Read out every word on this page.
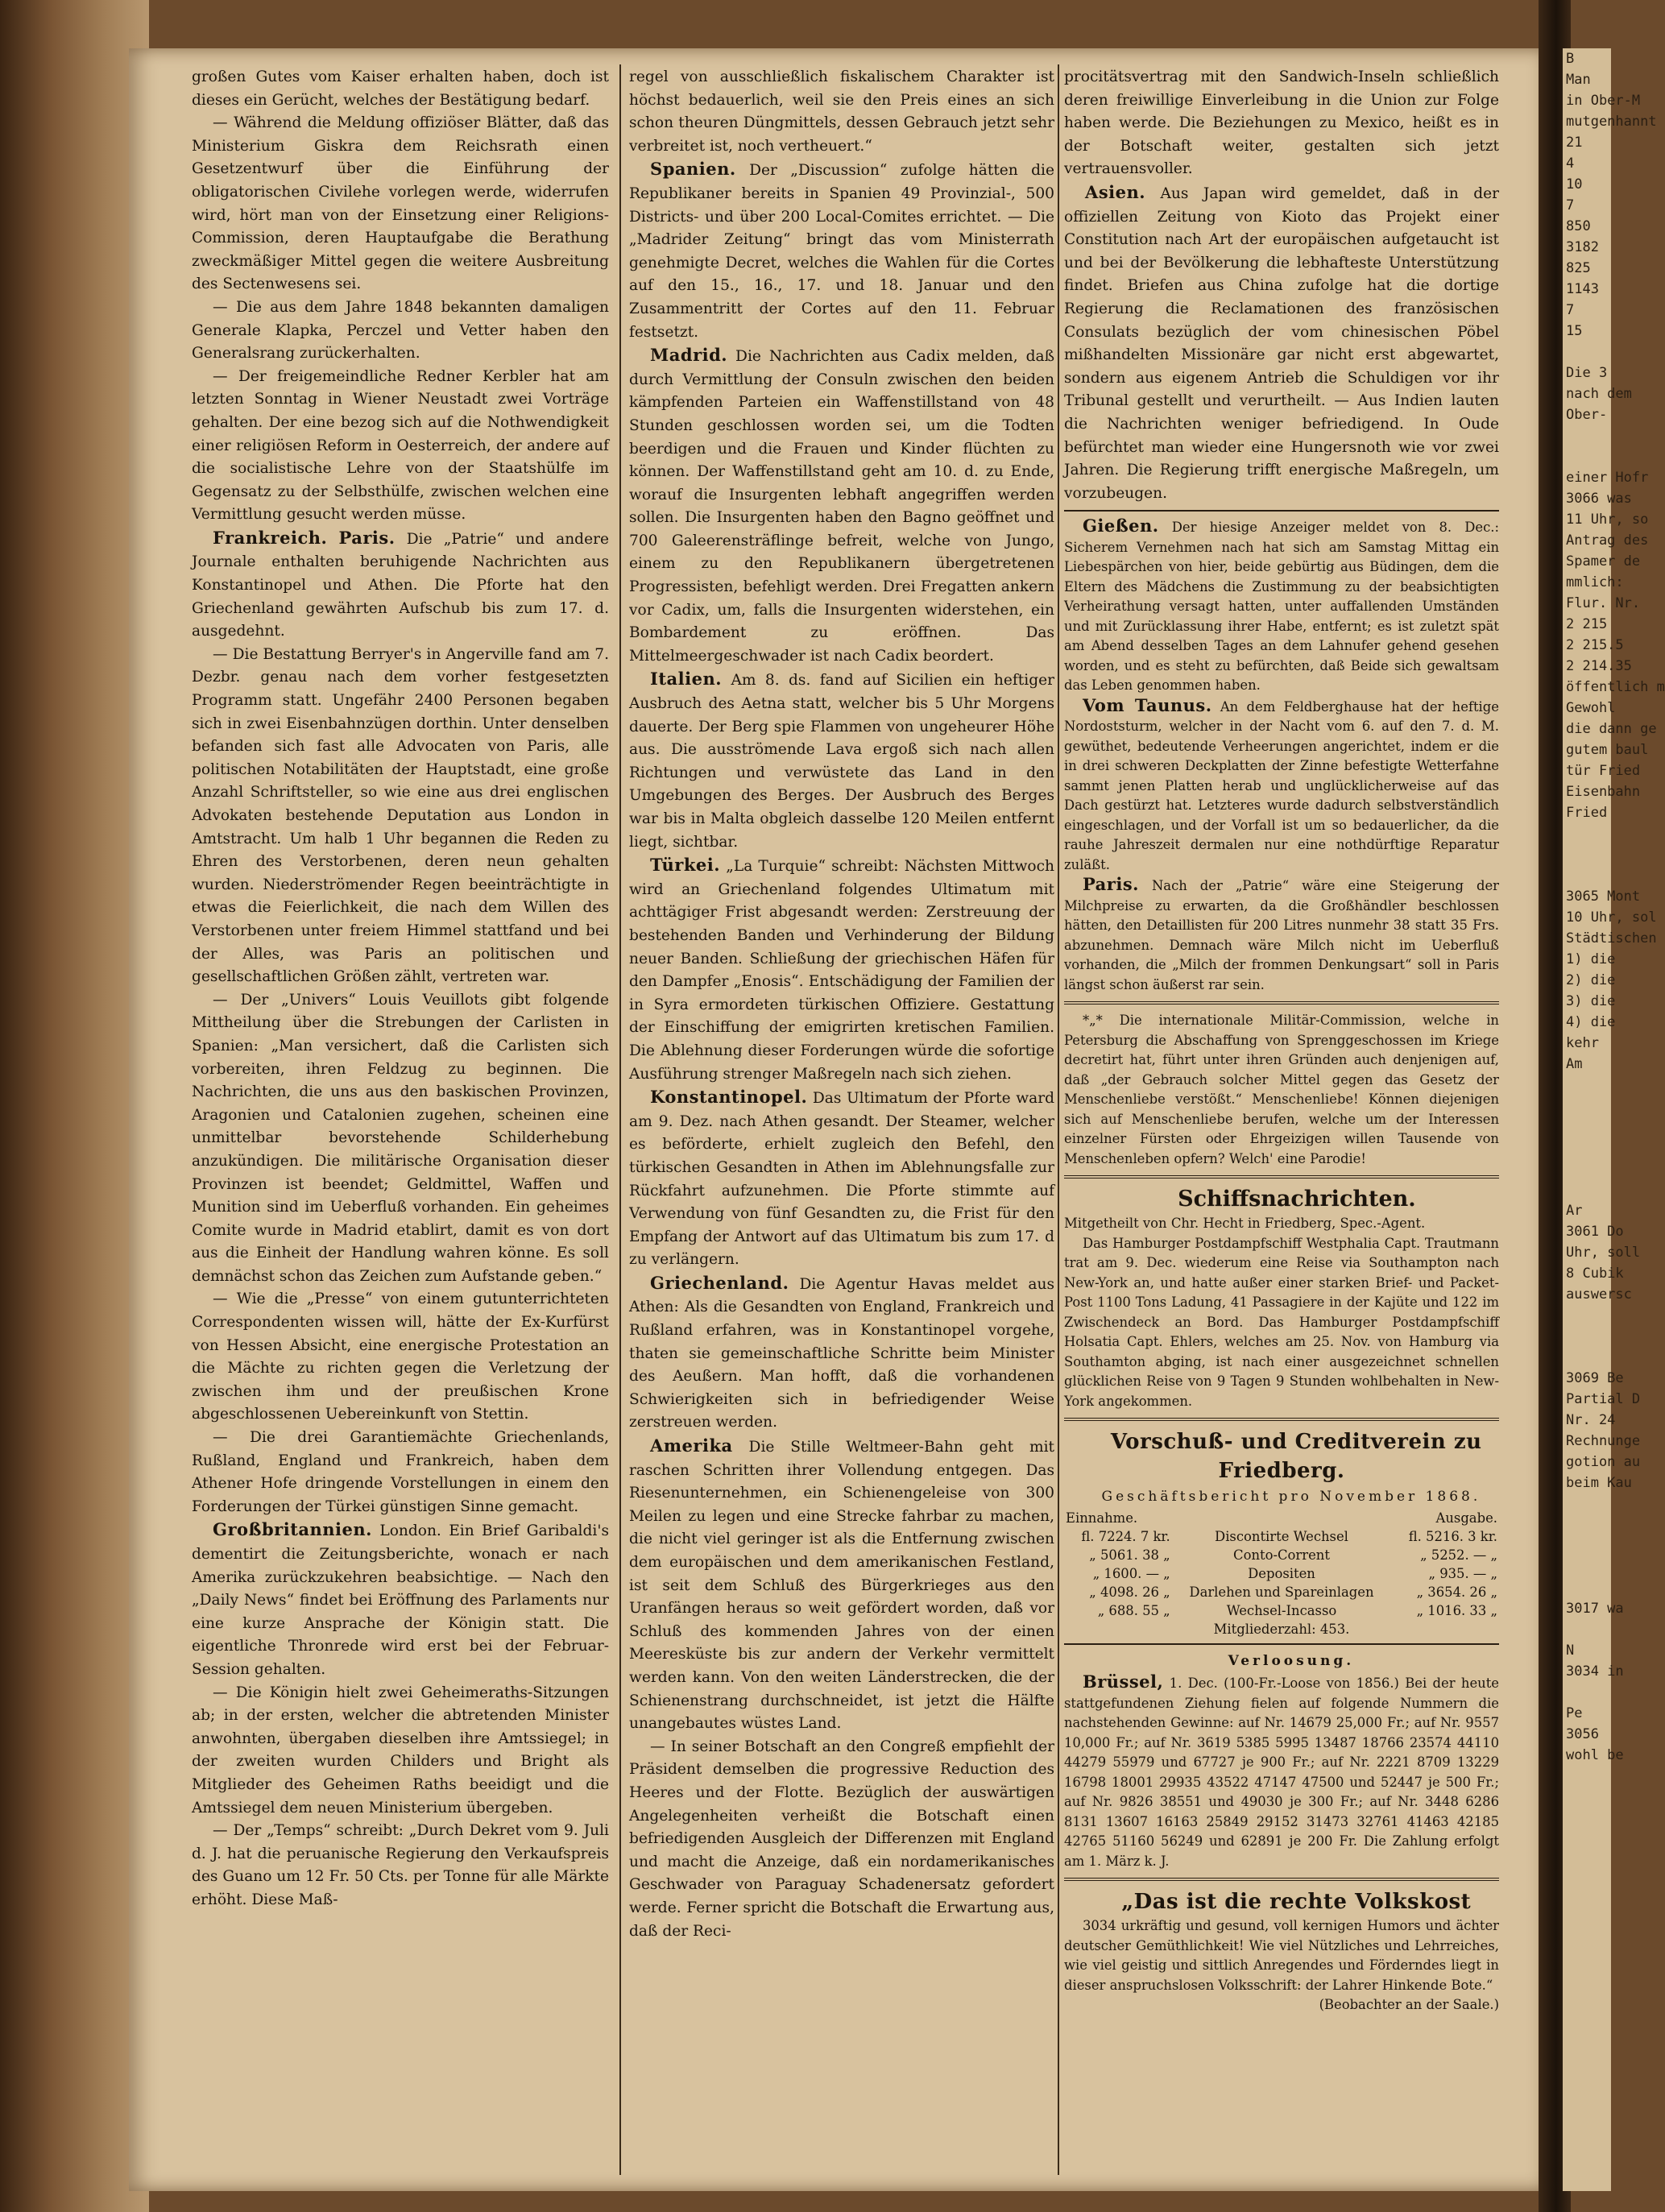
B
Man
in Ober-M
mutgenhannt
21
4
10
7
850
3182
825
1143
7
15

Die 3
nach dem
Ober-

einer Hofr
3066 was
11 Uhr, so
Antrag des
Spamer de
mmlich:
Flur. Nr.
2 215
2 215.5
2 214.35
öffentlich m
Gewohl
die dann ge
gutem baul
tür Fried
Eisenbahn
Fried

3065 Mont
10 Uhr, sol
Städtischen
1) die
2) die
3) die
4) die
kehr
Am

Ar
3061 Do
Uhr, soll
8 Cubik
auswersc

3069 Be
Partial D
Nr. 24
Rechnunge
gotion au
beim Kau

3017 wa

N
3034 in

Pe
3056
wohl be

großen Gutes vom Kaiser erhalten haben, doch ist dieses ein Gerücht, welches der Bestätigung bedarf.

— Während die Meldung offiziöser Blätter, daß das Ministerium Giskra dem Reichsrath einen Gesetzentwurf über die Einführung der obligatorischen Civilehe vorlegen werde, widerrufen wird, hört man von der Einsetzung einer Religions-Commission, deren Hauptaufgabe die Berathung zweckmäßiger Mittel gegen die weitere Ausbreitung des Sectenwesens sei.

— Die aus dem Jahre 1848 bekannten damaligen Generale Klapka, Perczel und Vetter haben den Generalsrang zurückerhalten.

— Der freigemeindliche Redner Kerbler hat am letzten Sonntag in Wiener Neustadt zwei Vorträge gehalten. Der eine bezog sich auf die Nothwendigkeit einer religiösen Reform in Oesterreich, der andere auf die socialistische Lehre von der Staatshülfe im Gegensatz zu der Selbsthülfe, zwischen welchen eine Vermittlung gesucht werden müsse.

Frankreich. Paris. Die „Patrie“ und andere Journale enthalten beruhigende Nachrichten aus Konstantinopel und Athen. Die Pforte hat den Griechenland gewährten Aufschub bis zum 17. d. ausgedehnt.

— Die Bestattung Berryer's in Angerville fand am 7. Dezbr. genau nach dem vorher festgesetzten Programm statt. Ungefähr 2400 Personen begaben sich in zwei Eisenbahnzügen dorthin. Unter denselben befanden sich fast alle Advocaten von Paris, alle politischen Notabilitäten der Hauptstadt, eine große Anzahl Schriftsteller, so wie eine aus drei englischen Advokaten bestehende Deputation aus London in Amtstracht. Um halb 1 Uhr begannen die Reden zu Ehren des Verstorbenen, deren neun gehalten wurden. Niederströmender Regen beeinträchtigte in etwas die Feierlichkeit, die nach dem Willen des Verstorbenen unter freiem Himmel stattfand und bei der Alles, was Paris an politischen und gesellschaftlichen Größen zählt, vertreten war.

— Der „Univers“ Louis Veuillots gibt folgende Mittheilung über die Strebungen der Carlisten in Spanien: „Man versichert, daß die Carlisten sich vorbereiten, ihren Feldzug zu beginnen. Die Nachrichten, die uns aus den baskischen Provinzen, Aragonien und Catalonien zugehen, scheinen eine unmittelbar bevorstehende Schilderhebung anzukündigen. Die militärische Organisation dieser Provinzen ist beendet; Geldmittel, Waffen und Munition sind im Ueberfluß vorhanden. Ein geheimes Comite wurde in Madrid etablirt, damit es von dort aus die Einheit der Handlung wahren könne. Es soll demnächst schon das Zeichen zum Aufstande geben.“

— Wie die „Presse“ von einem gutunterrichteten Correspondenten wissen will, hätte der Ex-Kurfürst von Hessen Absicht, eine energische Protestation an die Mächte zu richten gegen die Verletzung der zwischen ihm und der preußischen Krone abgeschlossenen Uebereinkunft von Stettin.

— Die drei Garantiemächte Griechenlands, Rußland, England und Frankreich, haben dem Athener Hofe dringende Vorstellungen in einem den Forderungen der Türkei günstigen Sinne gemacht.

Großbritannien. London. Ein Brief Garibaldi's dementirt die Zeitungsberichte, wonach er nach Amerika zurückzukehren beabsichtige. — Nach den „Daily News“ findet bei Eröffnung des Parlaments nur eine kurze Ansprache der Königin statt. Die eigentliche Thronrede wird erst bei der Februar-Session gehalten.

— Die Königin hielt zwei Geheimeraths-Sitzungen ab; in der ersten, welcher die abtretenden Minister anwohnten, übergaben dieselben ihre Amtssiegel; in der zweiten wurden Childers und Bright als Mitglieder des Geheimen Raths beeidigt und die Amtssiegel dem neuen Ministerium übergeben.

— Der „Temps“ schreibt: „Durch Dekret vom 9. Juli d. J. hat die peruanische Regierung den Verkaufspreis des Guano um 12 Fr. 50 Cts. per Tonne für alle Märkte erhöht. Diese Maß-

regel von ausschließlich fiskalischem Charakter ist höchst bedauerlich, weil sie den Preis eines an sich schon theuren Düngmittels, dessen Gebrauch jetzt sehr verbreitet ist, noch vertheuert.“

Spanien. Der „Discussion“ zufolge hätten die Republikaner bereits in Spanien 49 Provinzial-, 500 Districts- und über 200 Local-Comites errichtet. — Die „Madrider Zeitung“ bringt das vom Ministerrath genehmigte Decret, welches die Wahlen für die Cortes auf den 15., 16., 17. und 18. Januar und den Zusammentritt der Cortes auf den 11. Februar festsetzt.

Madrid. Die Nachrichten aus Cadix melden, daß durch Vermittlung der Consuln zwischen den beiden kämpfenden Parteien ein Waffenstillstand von 48 Stunden geschlossen worden sei, um die Todten beerdigen und die Frauen und Kinder flüchten zu können. Der Waffenstillstand geht am 10. d. zu Ende, worauf die Insurgenten lebhaft angegriffen werden sollen. Die Insurgenten haben den Bagno geöffnet und 700 Galeerensträflinge befreit, welche von Jungo, einem zu den Republikanern übergetretenen Progressisten, befehligt werden. Drei Fregatten ankern vor Cadix, um, falls die Insurgenten widerstehen, ein Bombardement zu eröffnen. Das Mittelmeergeschwader ist nach Cadix beordert.

Italien. Am 8. ds. fand auf Sicilien ein heftiger Ausbruch des Aetna statt, welcher bis 5 Uhr Morgens dauerte. Der Berg spie Flammen von ungeheurer Höhe aus. Die ausströmende Lava ergoß sich nach allen Richtungen und verwüstete das Land in den Umgebungen des Berges. Der Ausbruch des Berges war bis in Malta obgleich dasselbe 120 Meilen entfernt liegt, sichtbar.

Türkei. „La Turquie“ schreibt: Nächsten Mittwoch wird an Griechenland folgendes Ultimatum mit achttägiger Frist abgesandt werden: Zerstreuung der bestehenden Banden und Verhinderung der Bildung neuer Banden. Schließung der griechischen Häfen für den Dampfer „Enosis“. Entschädigung der Familien der in Syra ermordeten türkischen Offiziere. Gestattung der Einschiffung der emigrirten kretischen Familien. Die Ablehnung dieser Forderungen würde die sofortige Ausführung strenger Maßregeln nach sich ziehen.

Konstantinopel. Das Ultimatum der Pforte ward am 9. Dez. nach Athen gesandt. Der Steamer, welcher es beförderte, erhielt zugleich den Befehl, den türkischen Gesandten in Athen im Ablehnungsfalle zur Rückfahrt aufzunehmen. Die Pforte stimmte auf Verwendung von fünf Gesandten zu, die Frist für den Empfang der Antwort auf das Ultimatum bis zum 17. d zu verlängern.

Griechenland. Die Agentur Havas meldet aus Athen: Als die Gesandten von England, Frankreich und Rußland erfahren, was in Konstantinopel vorgehe, thaten sie gemeinschaftliche Schritte beim Minister des Aeußern. Man hofft, daß die vorhandenen Schwierigkeiten sich in befriedigender Weise zerstreuen werden.

Amerika Die Stille Weltmeer-Bahn geht mit raschen Schritten ihrer Vollendung entgegen. Das Riesenunternehmen, ein Schienengeleise von 300 Meilen zu legen und eine Strecke fahrbar zu machen, die nicht viel geringer ist als die Entfernung zwischen dem europäischen und dem amerikanischen Festland, ist seit dem Schluß des Bürgerkrieges aus den Uranfängen heraus so weit gefördert worden, daß vor Schluß des kommenden Jahres von der einen Meeresküste bis zur andern der Verkehr vermittelt werden kann. Von den weiten Länderstrecken, die der Schienenstrang durchschneidet, ist jetzt die Hälfte unangebautes wüstes Land.

— In seiner Botschaft an den Congreß empfiehlt der Präsident demselben die progressive Reduction des Heeres und der Flotte. Bezüglich der auswärtigen Angelegenheiten verheißt die Botschaft einen befriedigenden Ausgleich der Differenzen mit England und macht die Anzeige, daß ein nordamerikanisches Geschwader von Paraguay Schadenersatz gefordert werde. Ferner spricht die Botschaft die Erwartung aus, daß der Reci-

procitätsvertrag mit den Sandwich-Inseln schließlich deren freiwillige Einverleibung in die Union zur Folge haben werde. Die Beziehungen zu Mexico, heißt es in der Botschaft weiter, gestalten sich jetzt vertrauensvoller.

Asien. Aus Japan wird gemeldet, daß in der offiziellen Zeitung von Kioto das Projekt einer Constitution nach Art der europäischen aufgetaucht ist und bei der Bevölkerung die lebhafteste Unterstützung findet. Briefen aus China zufolge hat die dortige Regierung die Reclamationen des französischen Consulats bezüglich der vom chinesischen Pöbel mißhandelten Missionäre gar nicht erst abgewartet, sondern aus eigenem Antrieb die Schuldigen vor ihr Tribunal gestellt und verurtheilt. — Aus Indien lauten die Nachrichten weniger befriedigend. In Oude befürchtet man wieder eine Hungersnoth wie vor zwei Jahren. Die Regierung trifft energische Maßregeln, um vorzubeugen.

Gießen. Der hiesige Anzeiger meldet von 8. Dec.: Sicherem Vernehmen nach hat sich am Samstag Mittag ein Liebespärchen von hier, beide gebürtig aus Büdingen, dem die Eltern des Mädchens die Zustimmung zu der beabsichtigten Verheirathung versagt hatten, unter auffallenden Umständen und mit Zurücklassung ihrer Habe, entfernt; es ist zuletzt spät am Abend desselben Tages an dem Lahnufer gehend gesehen worden, und es steht zu befürchten, daß Beide sich gewaltsam das Leben genommen haben.

Vom Taunus. An dem Feldberghause hat der heftige Nordoststurm, welcher in der Nacht vom 6. auf den 7. d. M. gewüthet, bedeutende Verheerungen angerichtet, indem er die in drei schweren Deckplatten der Zinne befestigte Wetterfahne sammt jenen Platten herab und unglücklicherweise auf das Dach gestürzt hat. Letzteres wurde dadurch selbstverständlich eingeschlagen, und der Vorfall ist um so bedauerlicher, da die rauhe Jahreszeit dermalen nur eine nothdürftige Reparatur zuläßt.

Paris. Nach der „Patrie“ wäre eine Steigerung der Milchpreise zu erwarten, da die Großhändler beschlossen hätten, den Detaillisten für 200 Litres nunmehr 38 statt 35 Frs. abzunehmen. Demnach wäre Milch nicht im Ueberfluß vorhanden, die „Milch der frommen Denkungsart“ soll in Paris längst schon äußerst rar sein.

*„* Die internationale Militär-Commission, welche in Petersburg die Abschaffung von Sprenggeschossen im Kriege decretirt hat, führt unter ihren Gründen auch denjenigen auf, daß „der Gebrauch solcher Mittel gegen das Gesetz der Menschenliebe verstößt.“ Menschenliebe! Können diejenigen sich auf Menschenliebe berufen, welche um der Interessen einzelner Fürsten oder Ehrgeizigen willen Tausende von Menschenleben opfern? Welch' eine Parodie!

Schiffsnachrichten.

Mitgetheilt von Chr. Hecht in Friedberg, Spec.-Agent.

Das Hamburger Postdampfschiff Westphalia Capt. Trautmann trat am 9. Dec. wiederum eine Reise via Southampton nach New-York an, und hatte außer einer starken Brief- und Packet-Post 1100 Tons Ladung, 41 Passagiere in der Kajüte und 122 im Zwischendeck an Bord. Das Hamburger Postdampfschiff Holsatia Capt. Ehlers, welches am 25. Nov. von Hamburg via Southamton abging, ist nach einer ausgezeichnet schnellen glücklichen Reise von 9 Tagen 9 Stunden wohlbehalten in New-York angekommen.

Vorschuß- und Creditverein zu Friedberg.

Geschäftsbericht pro November 1868.

Einnahme.		Ausgabe.
fl. 7224. 7 kr.	Discontirte Wechsel	fl. 5216. 3 kr.
„ 5061. 38 „	Conto-Corrent	„ 5252. — „
„ 1600. — „	Depositen	„ 935. — „
„ 4098. 26 „	Darlehen und Spareinlagen	„ 3654. 26 „
„ 688. 55 „	Wechsel-Incasso	„ 1016. 33 „
	Mitgliederzahl: 453.	

Verloosung.

Brüssel, 1. Dec. (100-Fr.-Loose von 1856.) Bei der heute stattgefundenen Ziehung fielen auf folgende Nummern die nachstehenden Gewinne: auf Nr. 14679 25,000 Fr.; auf Nr. 9557 10,000 Fr.; auf Nr. 3619 5385 5995 13487 18766 23574 44110 44279 55979 und 67727 je 900 Fr.; auf Nr. 2221 8709 13229 16798 18001 29935 43522 47147 47500 und 52447 je 500 Fr.; auf Nr. 9826 38551 und 49030 je 300 Fr.; auf Nr. 3448 6286 8131 13607 16163 25849 29152 31473 32761 41463 42185 42765 51160 56249 und 62891 je 200 Fr. Die Zahlung erfolgt am 1. März k. J.

„Das ist die rechte Volkskost

3034 urkräftig und gesund, voll kernigen Humors und ächter deutscher Gemüthlichkeit! Wie viel Nützliches und Lehrreiches, wie viel geistig und sittlich Anregendes und Förderndes liegt in dieser anspruchslosen Volksschrift: der Lahrer Hinkende Bote.“

(Beobachter an der Saale.)
